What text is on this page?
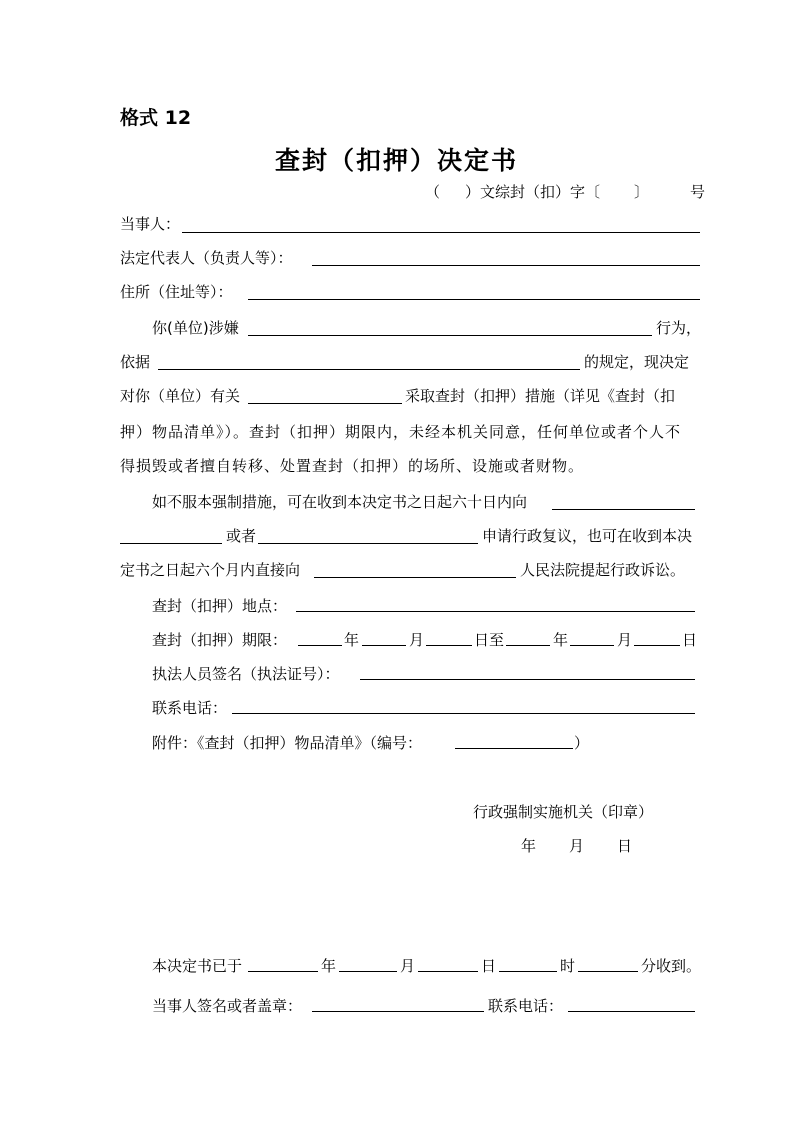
格式 12
查封（扣押）决定书
（ ）文综封（扣）字〔 〕	号
当事人：
法定代表人（负责人等）：
住所（住址等）：
你(单位)涉嫌	行为，
依据	的规定，现决定
对你（单位）有关	采取查封（扣押）措施（详见《查封（扣
押）物品清单》）。查封（扣押）期限内，未经本机关同意，任何单位或者个人不
得损毁或者擅自转移、处置查封（扣押）的场所、设施或者财物。
如不服本强制措施，可在收到本决定书之日起六十日内向
或者	申请行政复议，也可在收到本决
定书之日起六个月内直接向	人民法院提起行政诉讼。
查封（扣押）地点：
查封（扣押）期限：	年	月	日至	年	月	日
执法人员签名（执法证号）：
联系电话：
附件：《查封（扣押）物品清单》（编号：	）
行政强制实施机关（印章）
年 月 日
本决定书已于	年	月	日	时	分收到。
当事人签名或者盖章：	联系电话：
